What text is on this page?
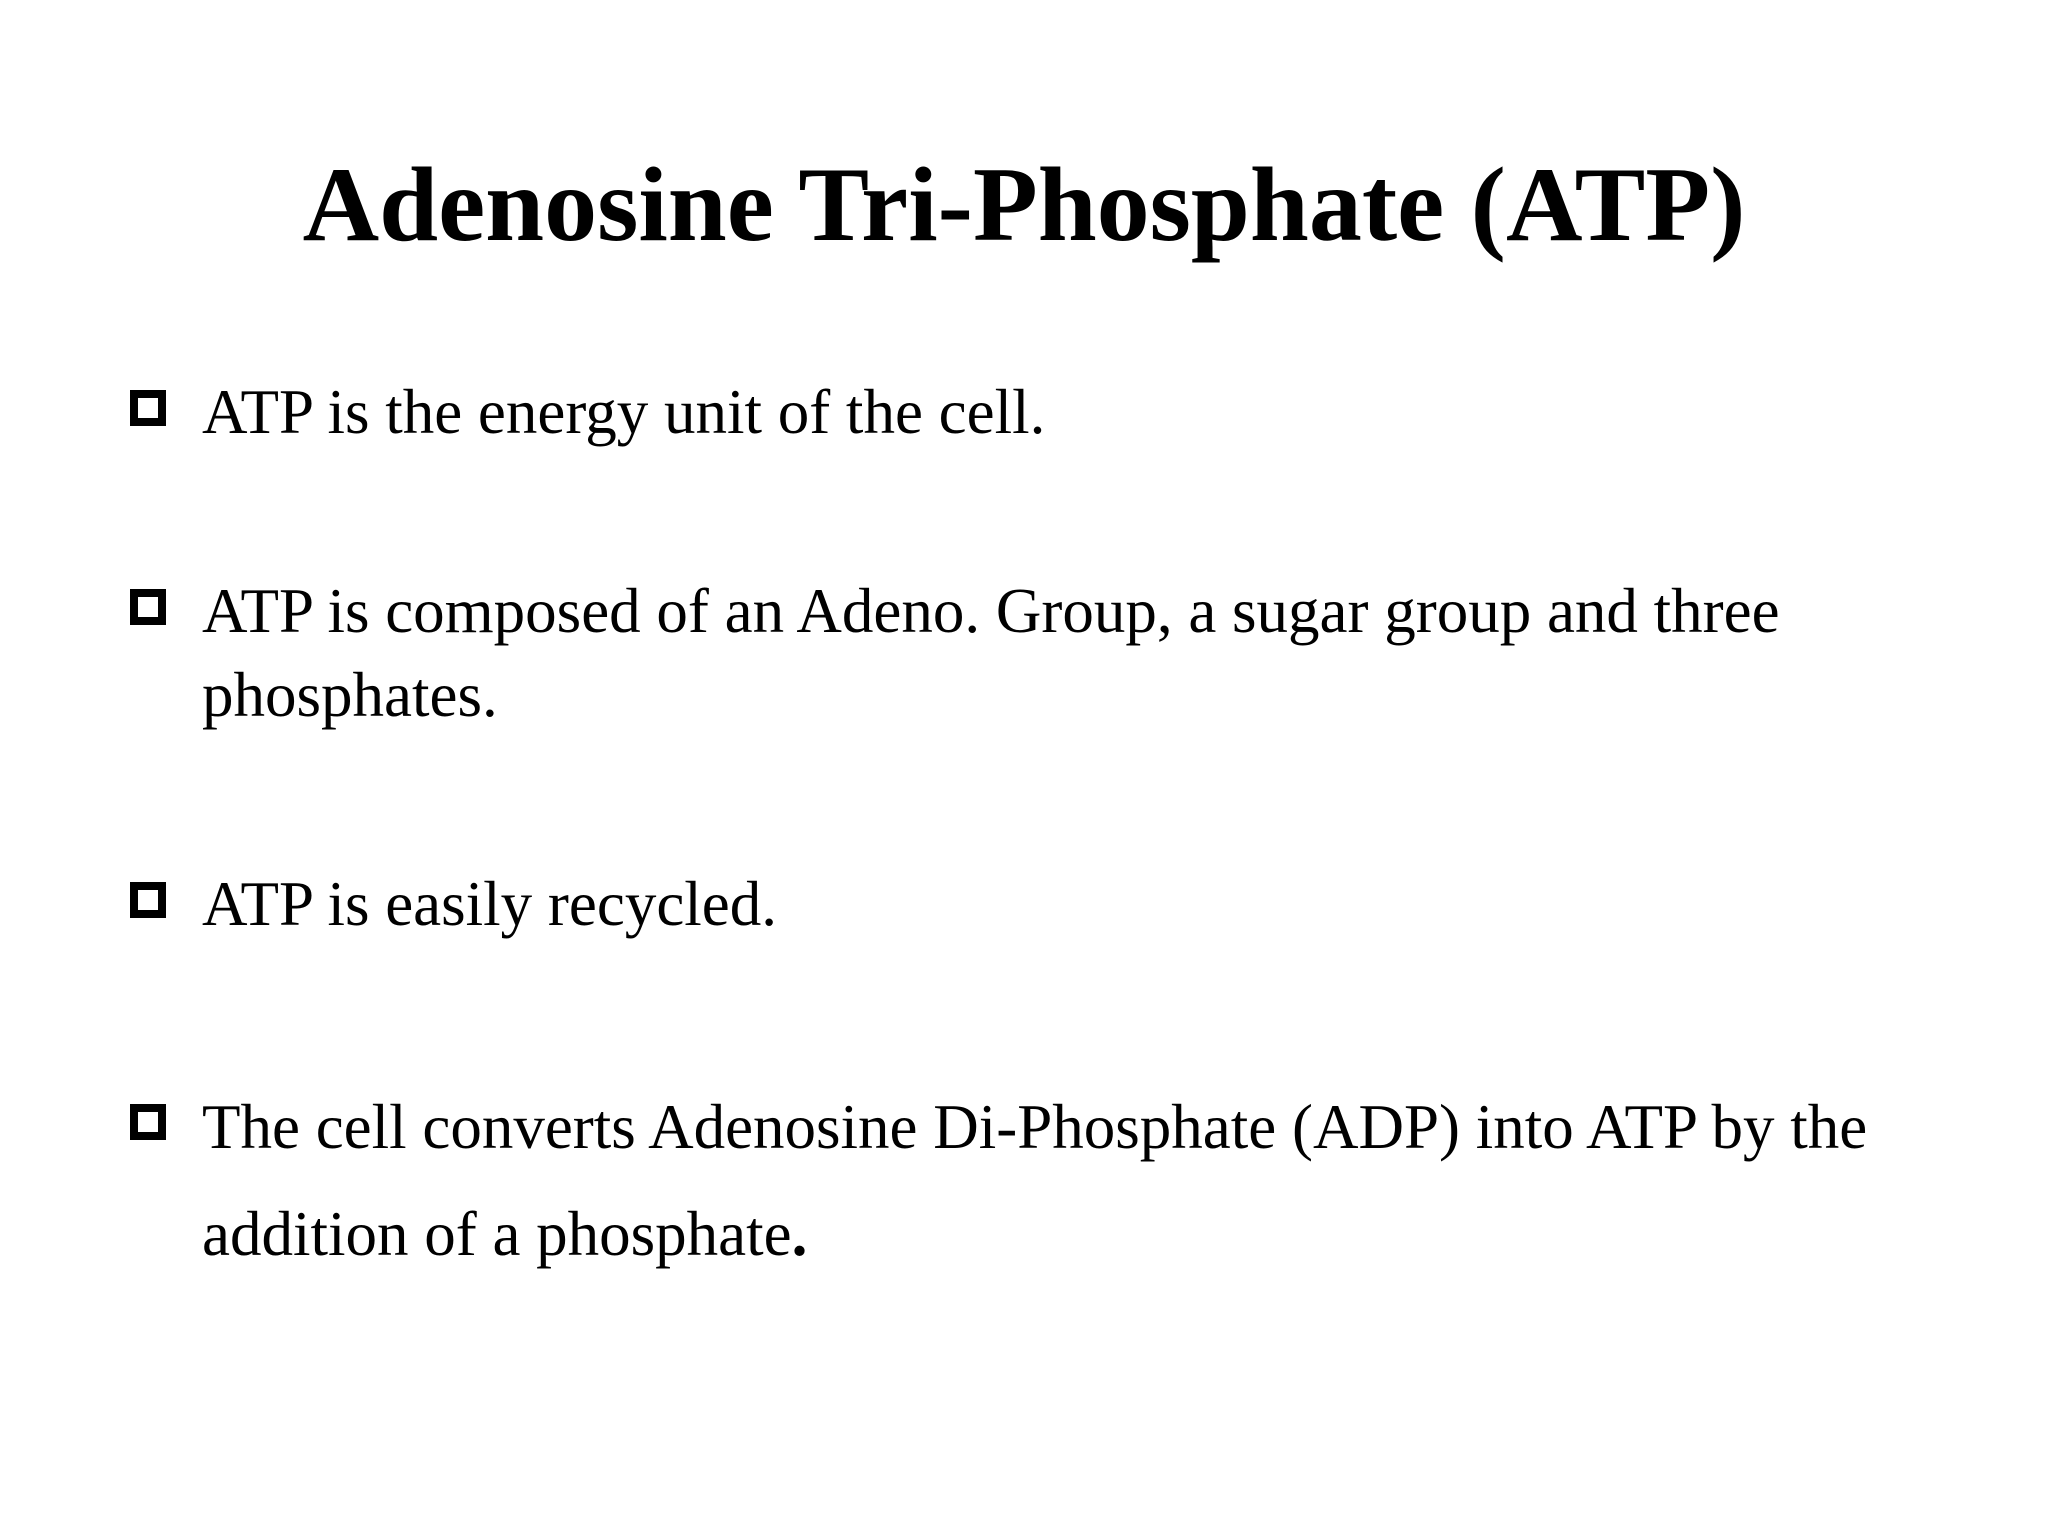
Adenosine Tri-Phosphate (ATP)
ATP is the energy unit of the cell.
ATP is composed of an Adeno. Group, a sugar group and three phosphates.
ATP is easily recycled.
The cell converts Adenosine Di-Phosphate (ADP) into ATP by the addition of a phosphate.
